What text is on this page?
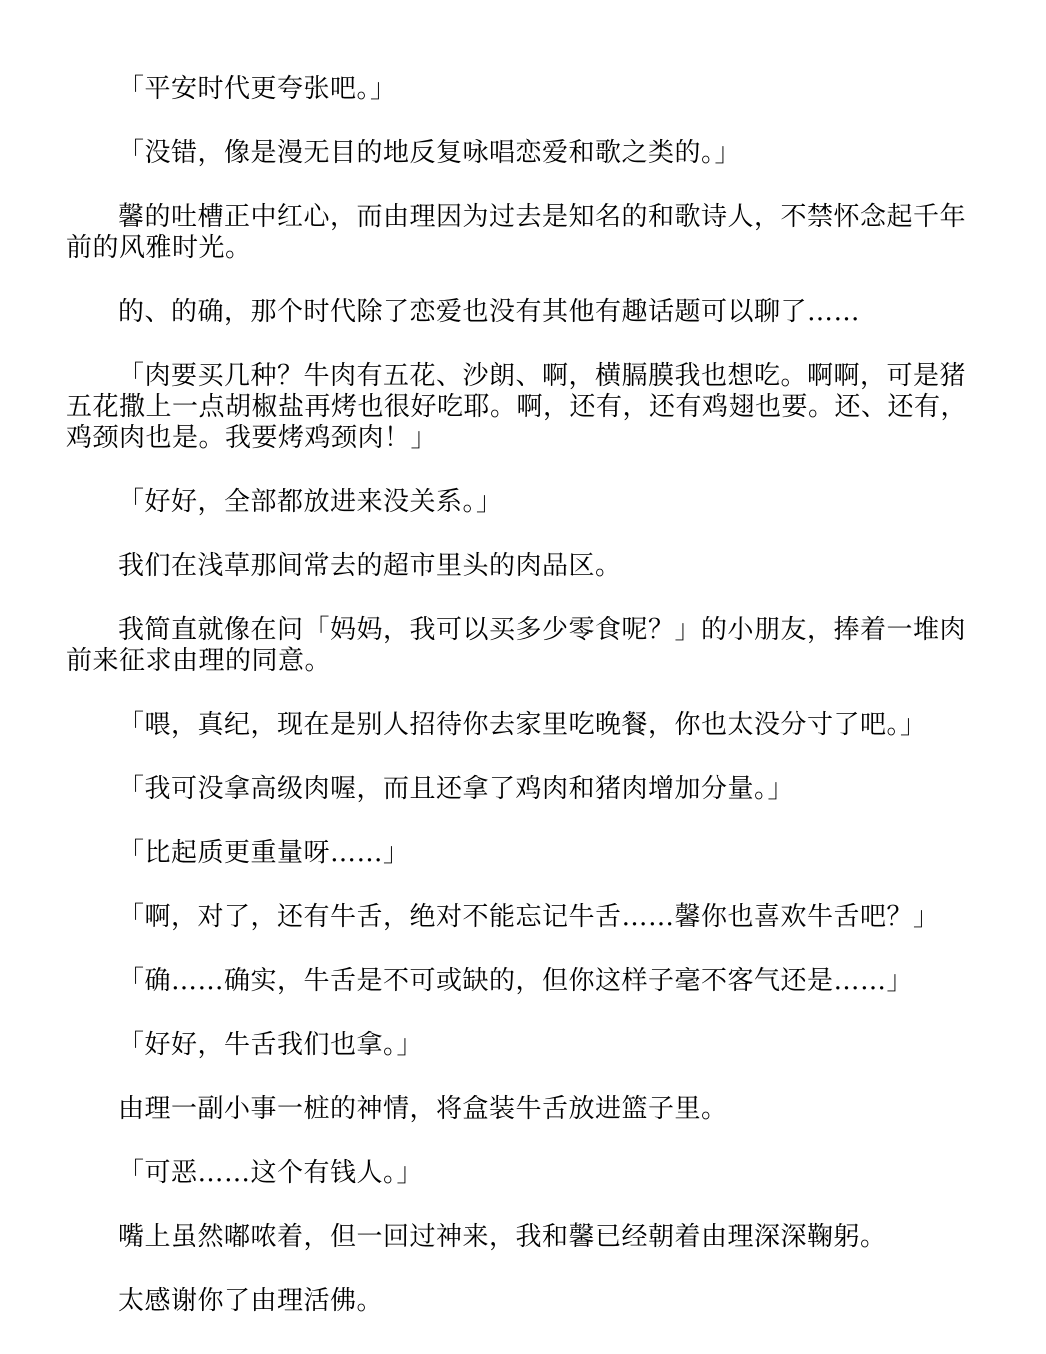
「平安时代更夸张吧。」

「没错，像是漫无目的地反复咏唱恋爱和歌之类的。」

馨的吐槽正中红心，而由理因为过去是知名的和歌诗人，不禁怀念起千年前的风雅时光。

的、的确，那个时代除了恋爱也没有其他有趣话题可以聊了……

「肉要买几种？牛肉有五花、沙朗、啊，横膈膜我也想吃。啊啊，可是猪五花撒上一点胡椒盐再烤也很好吃耶。啊，还有，还有鸡翅也要。还、还有，鸡颈肉也是。我要烤鸡颈肉！」

「好好，全部都放进来没关系。」

我们在浅草那间常去的超市里头的肉品区。

我简直就像在问「妈妈，我可以买多少零食呢？」的小朋友，捧着一堆肉前来征求由理的同意。

「喂，真纪，现在是别人招待你去家里吃晚餐，你也太没分寸了吧。」

「我可没拿高级肉喔，而且还拿了鸡肉和猪肉增加分量。」

「比起质更重量呀……」

「啊，对了，还有牛舌，绝对不能忘记牛舌……馨你也喜欢牛舌吧？」

「确……确实，牛舌是不可或缺的，但你这样子毫不客气还是……」

「好好，牛舌我们也拿。」

由理一副小事一桩的神情，将盒装牛舌放进篮子里。

「可恶……这个有钱人。」

嘴上虽然嘟哝着，但一回过神来，我和馨已经朝着由理深深鞠躬。

太感谢你了由理活佛。
